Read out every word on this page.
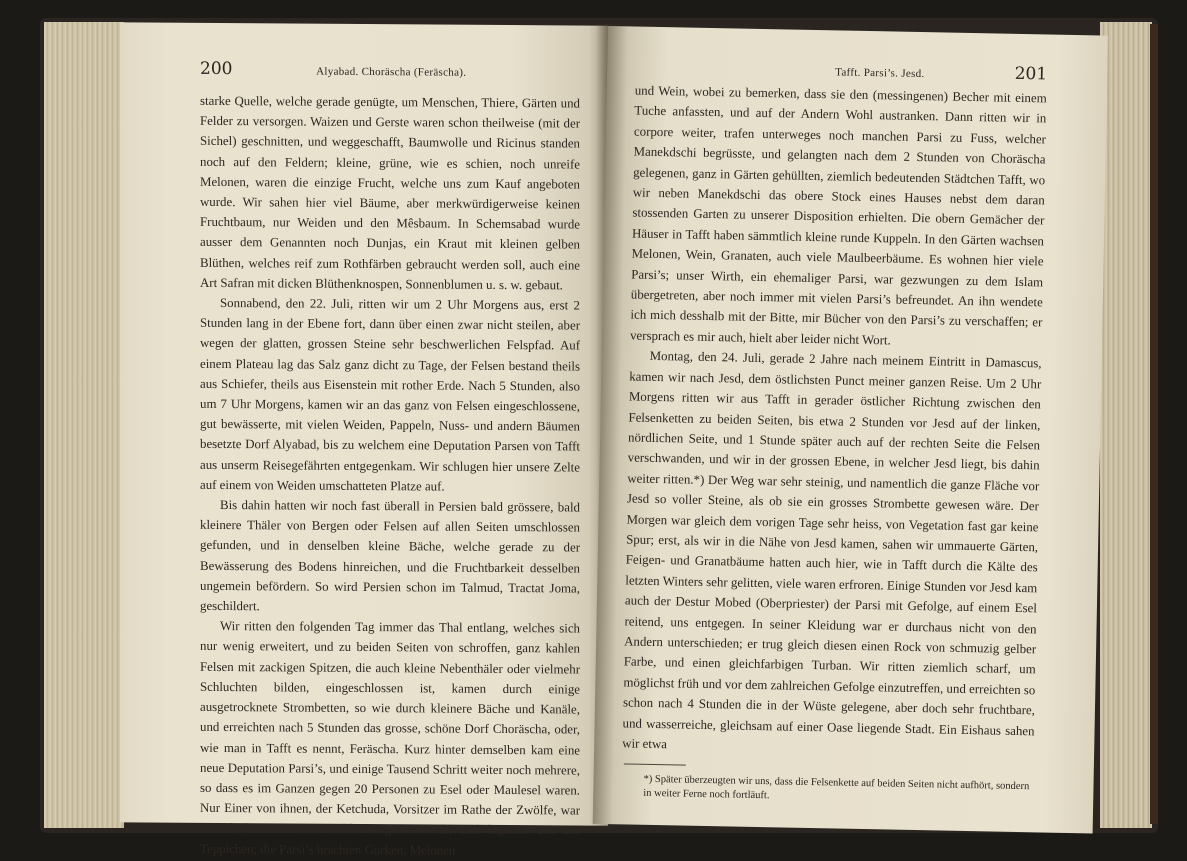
200	Alyabad. Choräscha (Feräscha).

starke Quelle, welche gerade genügte, um Menschen, Thiere, Gärten und Felder zu versorgen. Waizen und Gerste waren schon theilweise (mit der Sichel) geschnitten, und weggeschafft, Baumwolle und Ricinus standen noch auf den Feldern; kleine, grüne, wie es schien, noch unreife Melonen, waren die einzige Frucht, welche uns zum Kauf angeboten wurde. Wir sahen hier viel Bäume, aber merkwürdigerweise keinen Fruchtbaum, nur Weiden und den Mêsbaum. In Schemsabad wurde ausser dem Genannten noch Dunjas, ein Kraut mit kleinen gelben Blüthen, welches reif zum Rothfärben gebraucht werden soll, auch eine Art Safran mit dicken Blüthenknospen, Sonnenblumen u. s. w. gebaut.

Sonnabend, den 22. Juli, ritten wir um 2 Uhr Morgens aus, erst 2 Stunden lang in der Ebene fort, dann über einen zwar nicht steilen, aber wegen der glatten, grossen Steine sehr beschwerlichen Felspfad. Auf einem Plateau lag das Salz ganz dicht zu Tage, der Felsen bestand theils aus Schiefer, theils aus Eisenstein mit rother Erde. Nach 5 Stunden, also um 7 Uhr Morgens, kamen wir an das ganz von Felsen eingeschlossene, gut bewässerte, mit vielen Weiden, Pappeln, Nuss- und andern Bäumen besetzte Dorf Alyabad, bis zu welchem eine Deputation Parsen von Tafft aus unserm Reisegefährten entgegenkam. Wir schlugen hier unsere Zelte auf einem von Weiden umschatteten Platze auf.

Bis dahin hatten wir noch fast überall in Persien bald grössere, bald kleinere Thäler von Bergen oder Felsen auf allen Seiten umschlossen gefunden, und in denselben kleine Bäche, welche gerade zu der Bewässerung des Bodens hinreichen, und die Fruchtbarkeit desselben ungemein befördern. So wird Persien schon im Talmud, Tractat Joma, geschildert.

Wir ritten den folgenden Tag immer das Thal entlang, welches sich nur wenig erweitert, und zu beiden Seiten von schroffen, ganz kahlen Felsen mit zackigen Spitzen, die auch kleine Nebenthäler oder vielmehr Schluchten bilden, eingeschlossen ist, kamen durch einige ausgetrocknete Strombetten, so wie durch kleinere Bäche und Kanäle, und erreichten nach 5 Stunden das grosse, schöne Dorf Choräscha, oder, wie man in Tafft es nennt, Feräscha. Kurz hinter demselben kam eine neue Deputation Parsi’s, und einige Tausend Schritt weiter noch mehrere, so dass es im Ganzen gegen 20 Personen zu Esel oder Maulesel waren. Nur Einer von ihnen, der Ketchuda, Vorsitzer im Rathe der Zwölfe, war zu Pferde. Bei einer Mühle stiegen wir ab, und lagerten uns auf Teppichen; die Parsi’s brachten Gurken, Melonen

Tafft. Parsi’s. Jesd.	201

und Wein, wobei zu bemerken, dass sie den (messingenen) Becher mit einem Tuche anfassten, und auf der Andern Wohl austranken. Dann ritten wir in corpore weiter, trafen unterweges noch manchen Parsi zu Fuss, welcher Manekdschi begrüsste, und gelangten nach dem 2 Stunden von Choräscha gelegenen, ganz in Gärten gehüllten, ziemlich bedeutenden Städtchen Tafft, wo wir neben Manekdschi das obere Stock eines Hauses nebst dem daran stossenden Garten zu unserer Disposition erhielten. Die obern Gemächer der Häuser in Tafft haben sämmtlich kleine runde Kuppeln. In den Gärten wachsen Melonen, Wein, Granaten, auch viele Maulbeerbäume. Es wohnen hier viele Parsi’s; unser Wirth, ein ehemaliger Parsi, war gezwungen zu dem Islam übergetreten, aber noch immer mit vielen Parsi’s befreundet. An ihn wendete ich mich desshalb mit der Bitte, mir Bücher von den Parsi’s zu verschaffen; er versprach es mir auch, hielt aber leider nicht Wort.

Montag, den 24. Juli, gerade 2 Jahre nach meinem Eintritt in Damascus, kamen wir nach Jesd, dem östlichsten Punct meiner ganzen Reise. Um 2 Uhr Morgens ritten wir aus Tafft in gerader östlicher Richtung zwischen den Felsenketten zu beiden Seiten, bis etwa 2 Stunden vor Jesd auf der linken, nördlichen Seite, und 1 Stunde später auch auf der rechten Seite die Felsen verschwanden, und wir in der grossen Ebene, in welcher Jesd liegt, bis dahin weiter ritten.*) Der Weg war sehr steinig, und namentlich die ganze Fläche vor Jesd so voller Steine, als ob sie ein grosses Strombette gewesen wäre. Der Morgen war gleich dem vorigen Tage sehr heiss, von Vegetation fast gar keine Spur; erst, als wir in die Nähe von Jesd kamen, sahen wir ummauerte Gärten, Feigen- und Granatbäume hatten auch hier, wie in Tafft durch die Kälte des letzten Winters sehr gelitten, viele waren erfroren. Einige Stunden vor Jesd kam auch der Destur Mobed (Oberpriester) der Parsi mit Gefolge, auf einem Esel reitend, uns entgegen. In seiner Kleidung war er durchaus nicht von den Andern unterschieden; er trug gleich diesen einen Rock von schmuzig gelber Farbe, und einen gleichfarbigen Turban. Wir ritten ziemlich scharf, um möglichst früh und vor dem zahlreichen Gefolge einzutreffen, und erreichten so schon nach 4 Stunden die in der Wüste gelegene, aber doch sehr fruchtbare, und wasserreiche, gleichsam auf einer Oase liegende Stadt. Ein Eishaus sahen wir etwa

*) Später überzeugten wir uns, dass die Felsenkette auf beiden Seiten nicht aufhört, sondern in weiter Ferne noch fortläuft.
